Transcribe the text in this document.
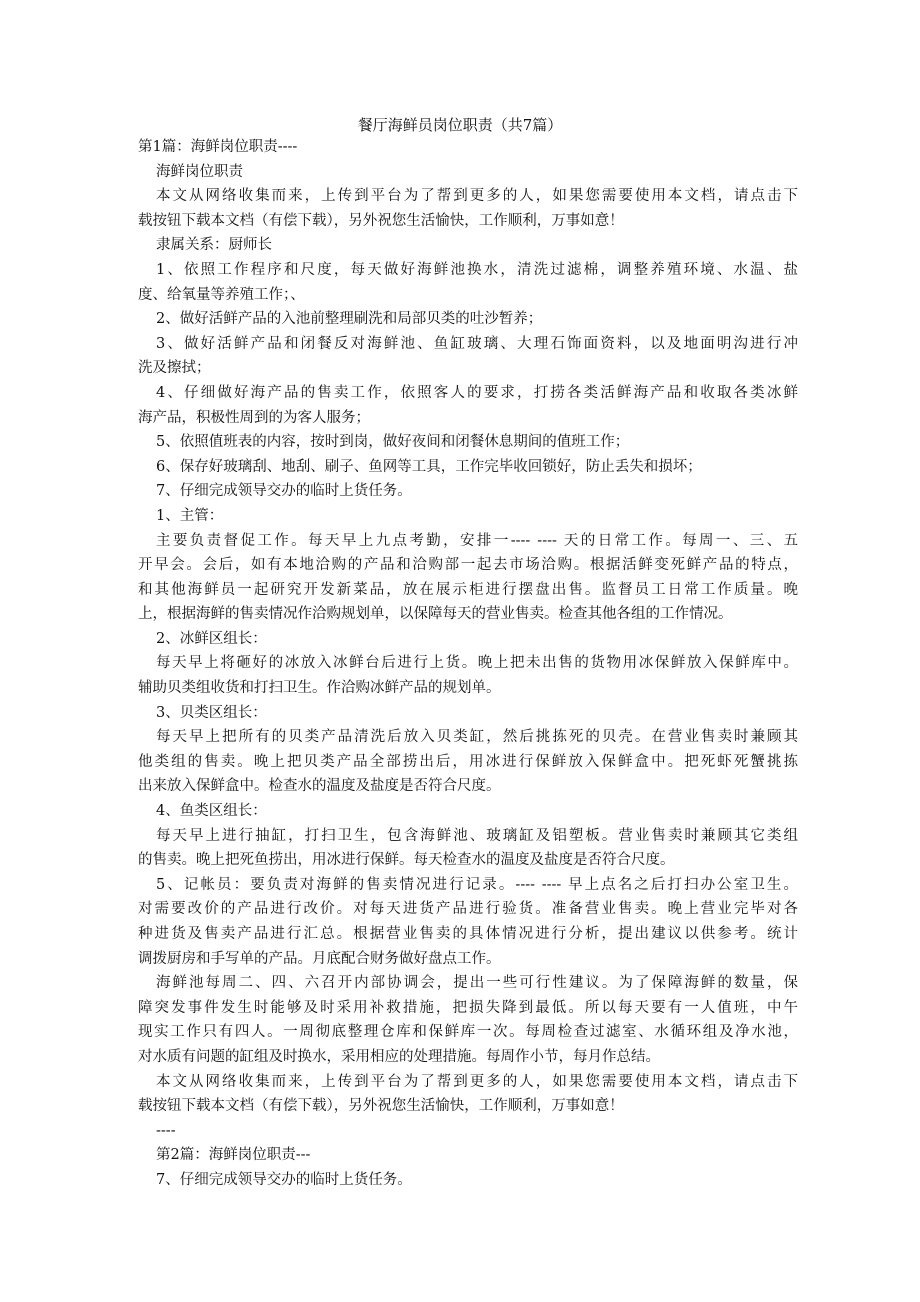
餐厅海鲜员岗位职责（共7篇）
第1篇：海鲜岗位职责----
海鲜岗位职责
本文从网络收集而来，上传到平台为了帮到更多的人，如果您需要使用本文档，请点击下
载按钮下载本文档（有偿下载），另外祝您生活愉快，工作顺利，万事如意！
隶属关系：厨师长
1、依照工作程序和尺度，每天做好海鲜池换水，清洗过滤棉，调整养殖环境、水温、盐
度、给氧量等养殖工作；、
2、做好活鲜产品的入池前整理刷洗和局部贝类的吐沙暂养；
3、做好活鲜产品和闭餐反对海鲜池、鱼缸玻璃、大理石饰面资料，以及地面明沟进行冲
洗及擦拭；
4、仔细做好海产品的售卖工作，依照客人的要求，打捞各类活鲜海产品和收取各类冰鲜
海产品，积极性周到的为客人服务；
5、依照值班表的内容，按时到岗，做好夜间和闭餐休息期间的值班工作；
6、保存好玻璃刮、地刮、刷子、鱼网等工具，工作完毕收回锁好，防止丢失和损坏；
7、仔细完成领导交办的临时上货任务。
1、主管：
主要负责督促工作。每天早上九点考勤，安排一---- ---- 天的日常工作。每周一、三、五
开早会。会后，如有本地洽购的产品和洽购部一起去市场洽购。根据活鲜变死鲜产品的特点，
和其他海鲜员一起研究开发新菜品，放在展示柜进行摆盘出售。监督员工日常工作质量。晚
上，根据海鲜的售卖情况作洽购规划单，以保障每天的营业售卖。检查其他各组的工作情况。
2、冰鲜区组长：
每天早上将砸好的冰放入冰鲜台后进行上货。晚上把未出售的货物用冰保鲜放入保鲜库中。
辅助贝类组收货和打扫卫生。作洽购冰鲜产品的规划单。
3、贝类区组长：
每天早上把所有的贝类产品清洗后放入贝类缸，然后挑拣死的贝壳。在营业售卖时兼顾其
他类组的售卖。晚上把贝类产品全部捞出后，用冰进行保鲜放入保鲜盒中。把死虾死蟹挑拣
出来放入保鲜盒中。检查水的温度及盐度是否符合尺度。
4、鱼类区组长：
每天早上进行抽缸，打扫卫生，包含海鲜池、玻璃缸及铝塑板。营业售卖时兼顾其它类组
的售卖。晚上把死鱼捞出，用冰进行保鲜。每天检查水的温度及盐度是否符合尺度。
5、记帐员：要负责对海鲜的售卖情况进行记录。---- ---- 早上点名之后打扫办公室卫生。
对需要改价的产品进行改价。对每天进货产品进行验货。准备营业售卖。晚上营业完毕对各
种进货及售卖产品进行汇总。根据营业售卖的具体情况进行分析，提出建议以供参考。统计
调拨厨房和手写单的产品。月底配合财务做好盘点工作。
海鲜池每周二、四、六召开内部协调会，提出一些可行性建议。为了保障海鲜的数量，保
障突发事件发生时能够及时采用补救措施，把损失降到最低。所以每天要有一人值班，中午
现实工作只有四人。一周彻底整理仓库和保鲜库一次。每周检查过滤室、水循环组及净水池，
对水质有问题的缸组及时换水，采用相应的处理措施。每周作小节，每月作总结。
本文从网络收集而来，上传到平台为了帮到更多的人，如果您需要使用本文档，请点击下
载按钮下载本文档（有偿下载），另外祝您生活愉快，工作顺利，万事如意！
----
第2篇：海鲜岗位职责---
7、仔细完成领导交办的临时上货任务。
